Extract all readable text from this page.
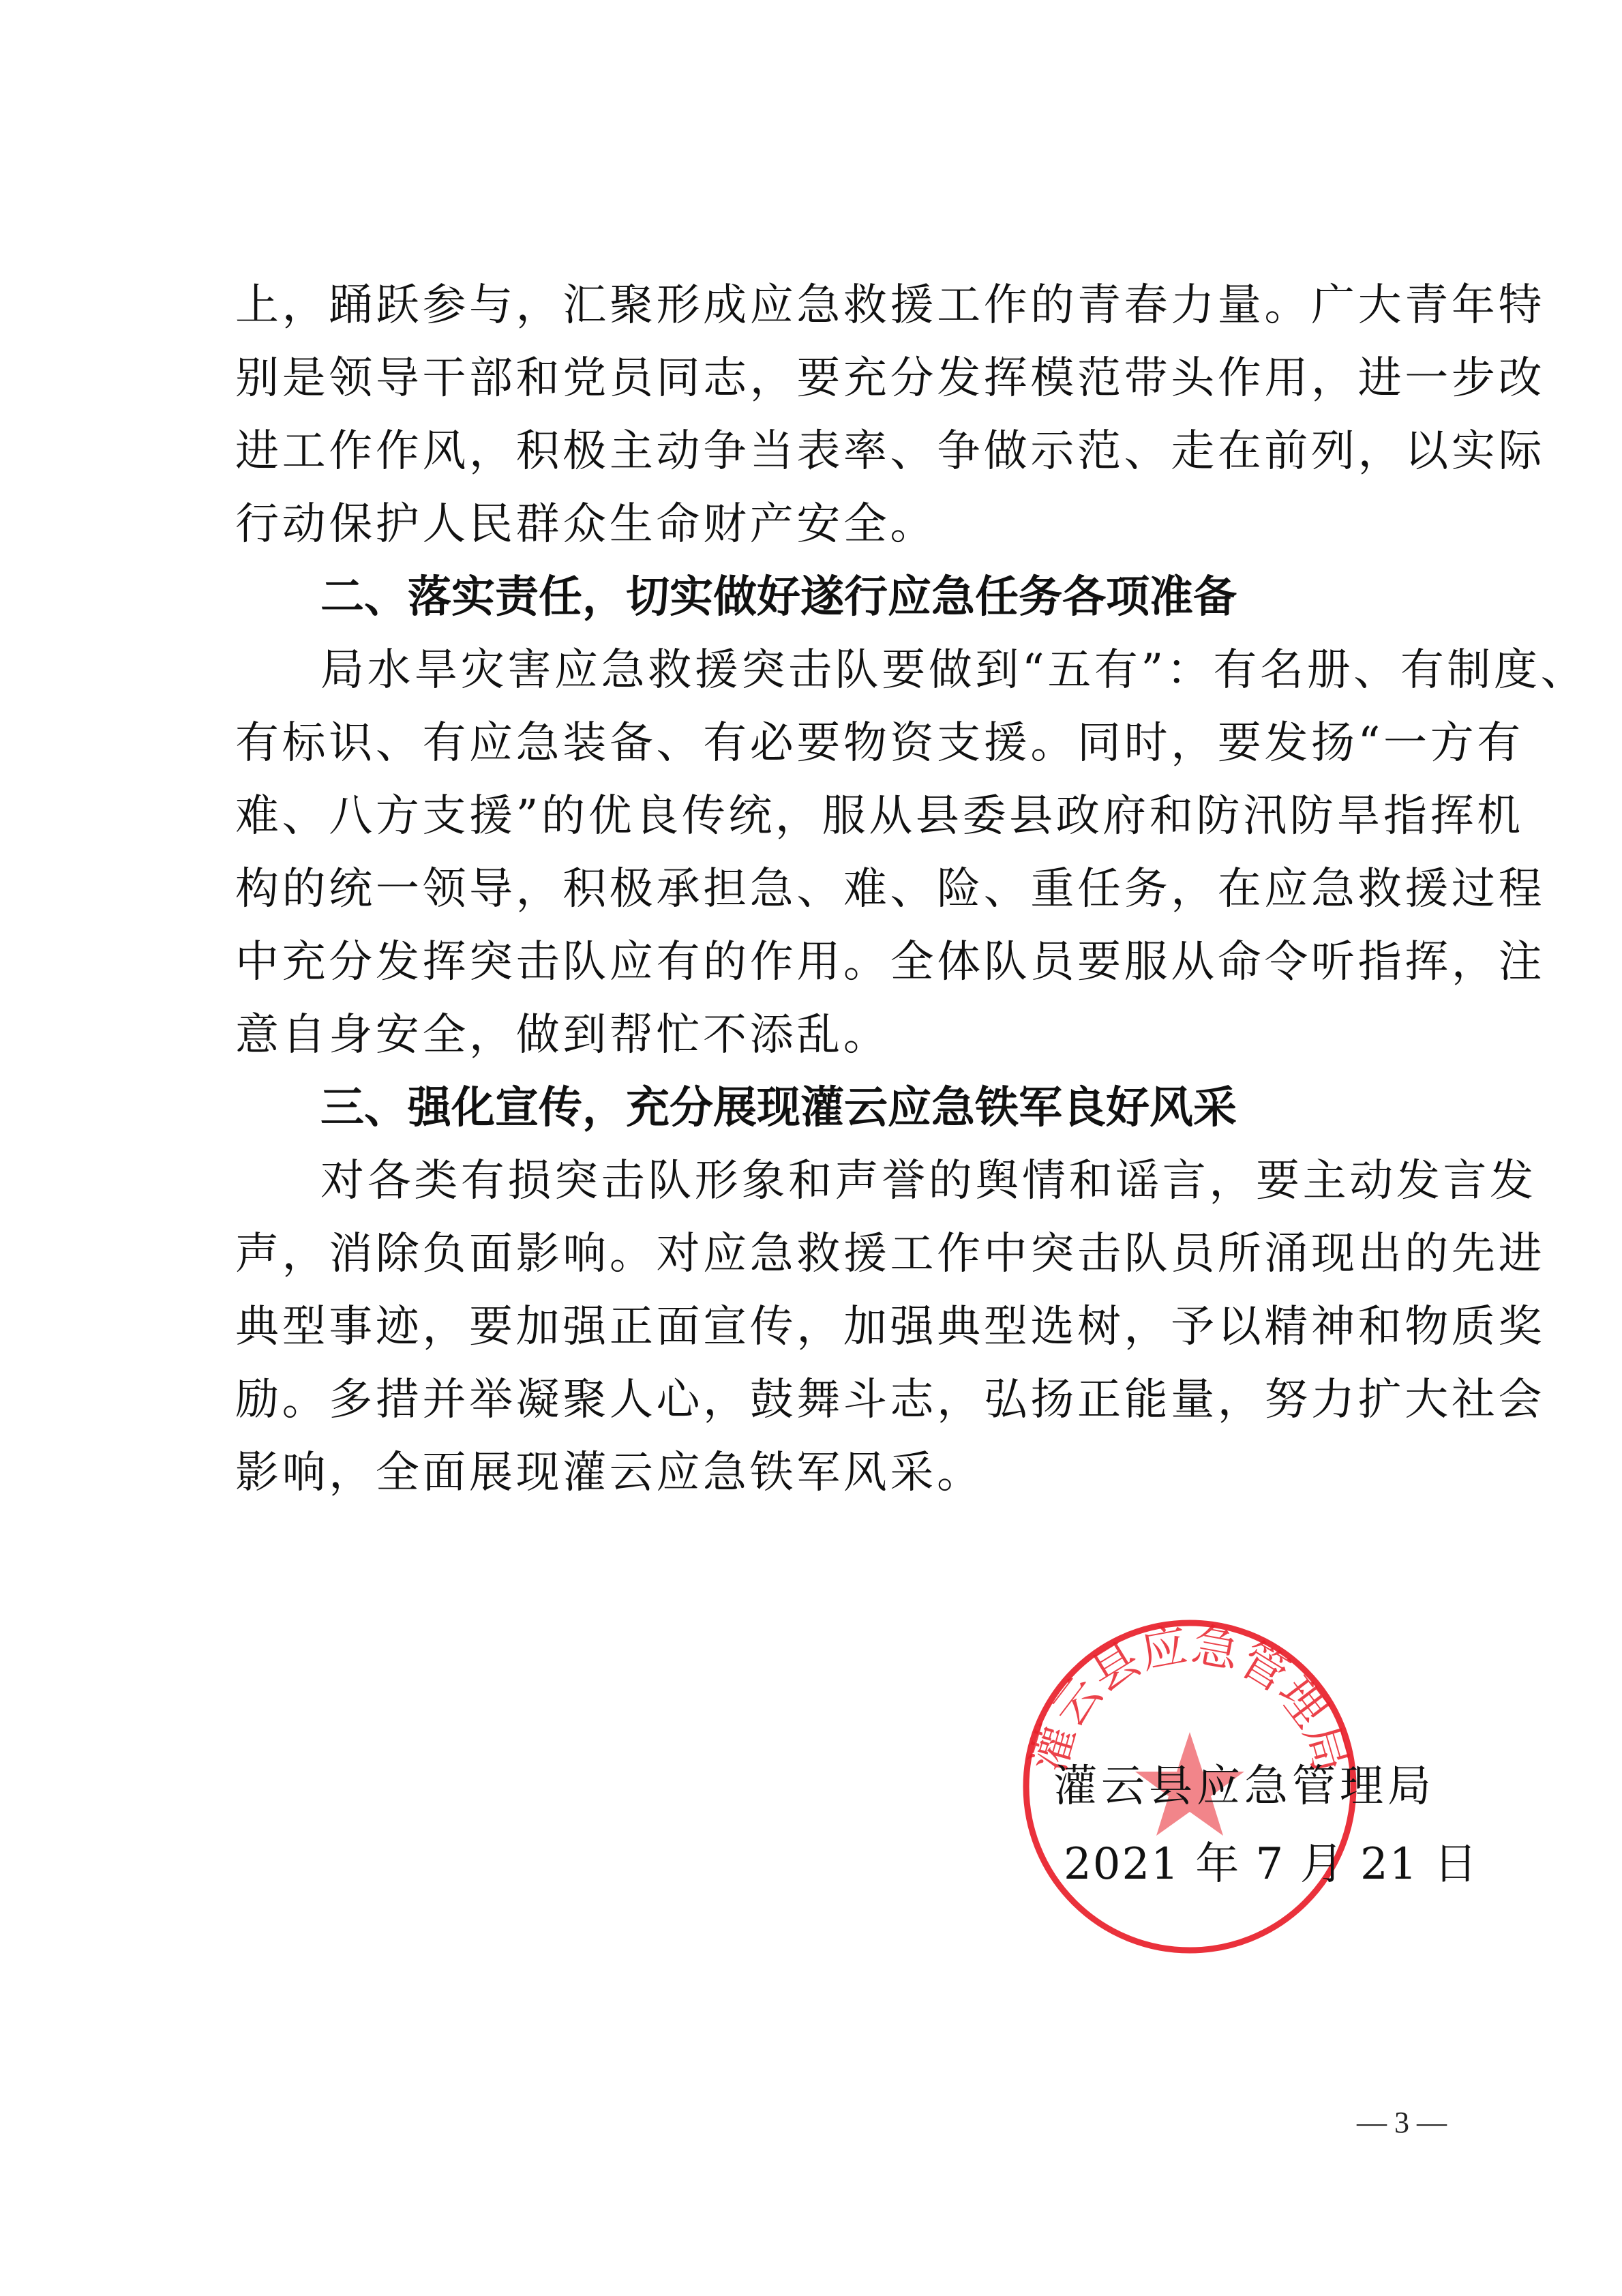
上 ， 踊 跃 参 与 ， 汇 聚 形 成 应 急 救 援 工 作 的 青 春 力 量 。 广 大 青 年 特
别 是 领 导 干 部 和 党 员 同 志 ， 要 充 分 发 挥 模 范 带 头 作 用 ， 进 一 步 改
进 工 作 作 风 ， 积 极 主 动 争 当 表 率 、 争 做 示 范 、 走 在 前 列 ， 以 实 际
行动保护人民群众生命财产安全。
二、落实责任，切实做好遂行应急任务各项准备
局水旱灾害应急救援突击队要做到“五有”：有名册、有制度、
有 标 识 、 有 应 急 装 备 、 有 必 要 物 资 支 援 。 同 时 ， 要 发 扬 “ 一 方 有
难 、 八 方 支 援 ” 的 优 良 传 统 ， 服 从 县 委 县 政 府 和 防 汛 防 旱 指 挥 机
构 的 统 一 领 导 ， 积 极 承 担 急 、 难 、 险 、 重 任 务 ， 在 应 急 救 援 过 程
中 充 分 发 挥 突 击 队 应 有 的 作 用 。 全 体 队 员 要 服 从 命 令 听 指 挥 ， 注
意自身安全，做到帮忙不添乱。
三、强化宣传，充分展现灌云应急铁军良好风采
对各类有损突击队形象和声誉的舆情和谣言，要主动发言发
声 ， 消 除 负 面 影 响 。 对 应 急 救 援 工 作 中 突 击 队 员 所 涌 现 出 的 先 进
典 型 事 迹 ， 要 加 强 正 面 宣 传 ， 加 强 典 型 选 树 ， 予 以 精 神 和 物 质 奖
励 。 多 措 并 举 凝 聚 人 心 ， 鼓 舞 斗 志 ， 弘 扬 正 能 量 ， 努 力 扩 大 社 会
影响，全面展现灌云应急铁军风采。
灌云县应急管理局
灌云县应急管理局
2021 年 7 月 21 日
— 3 —
